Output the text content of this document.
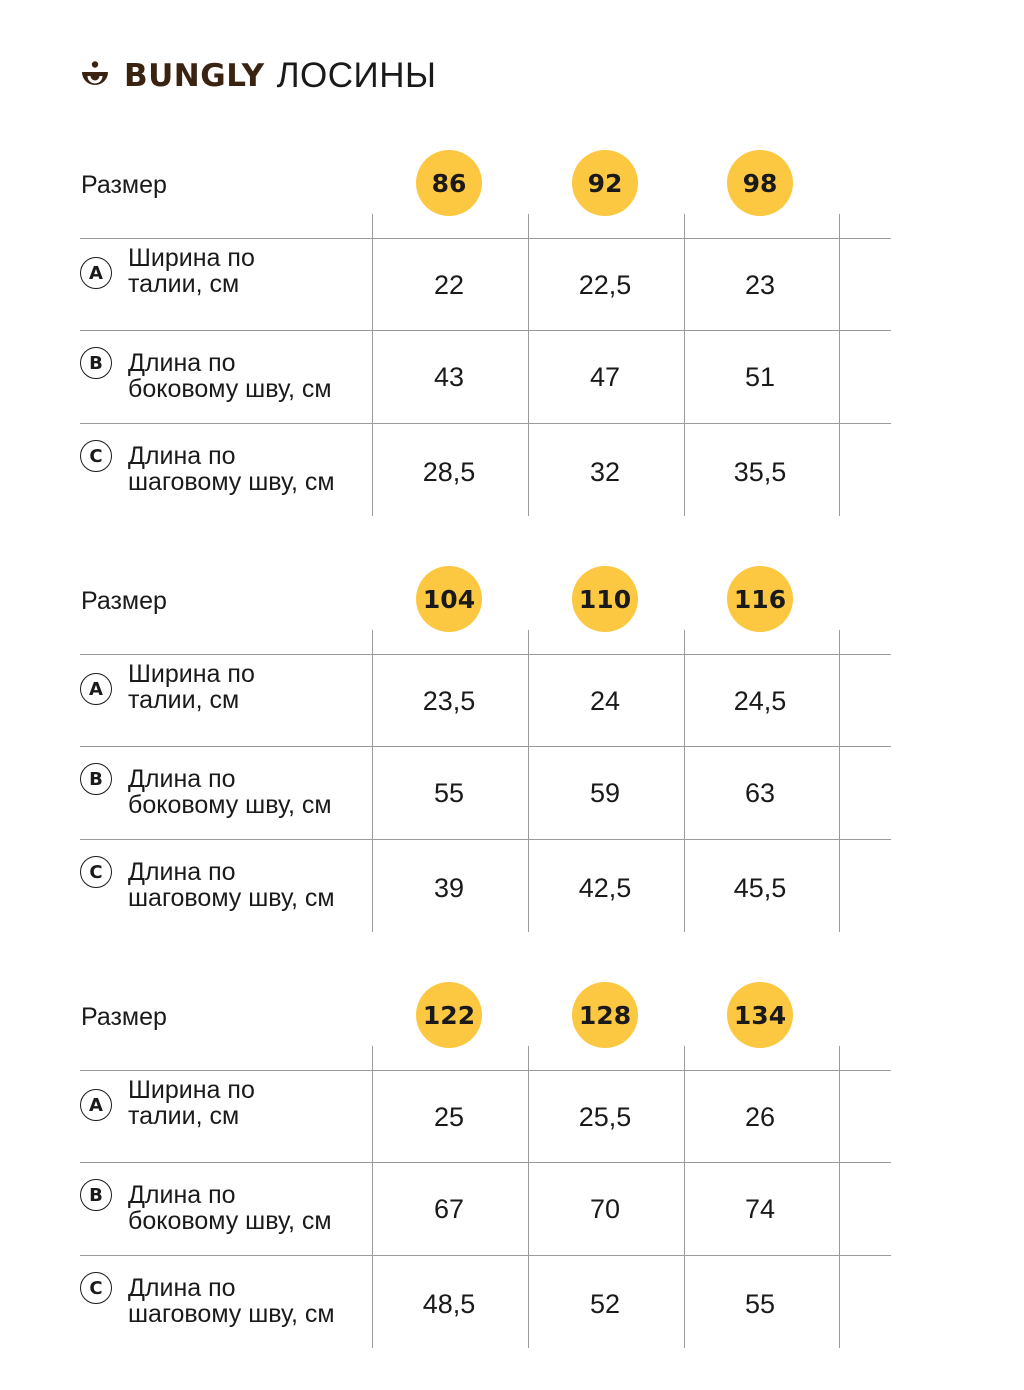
BUNGLY ЛОСИНЫ
Размер	86	92	98
A
Ширина по
талии, см	22	22,5	23
B	Длина по
боковому шву, см	43	47	51
C	Длина по
шаговому шву, см	28,5	32	35,5
Размер	104	110	116
A
Ширина по
талии, см	23,5	24	24,5
B	Длина по
боковому шву, см	55	59	63
C	Длина по
шаговому шву, см	39	42,5	45,5
Размер	122	128	134
A
Ширина по
талии, см	25	25,5	26
B	Длина по
боковому шву, см	67	70	74
C	Длина по
шаговому шву, см	48,5	52	55
